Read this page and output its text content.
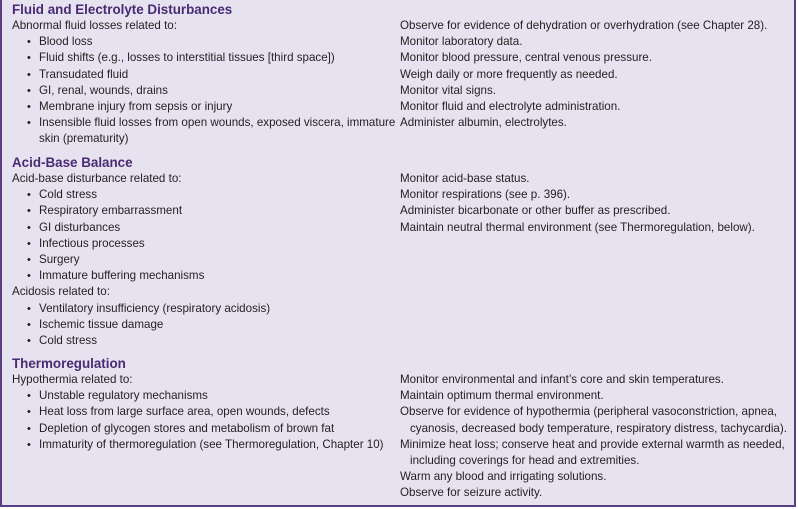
Fluid and Electrolyte Disturbances
Abnormal fluid losses related to:
• Blood loss
• Fluid shifts (e.g., losses to interstitial tissues [third space])
• Transudated fluid
• GI, renal, wounds, drains
• Membrane injury from sepsis or injury
• Insensible fluid losses from open wounds, exposed viscera, immature
skin (prematurity)
Observe for evidence of dehydration or overhydration (see Chapter 28).
Monitor laboratory data.
Monitor blood pressure, central venous pressure.
Weigh daily or more frequently as needed.
Monitor vital signs.
Monitor fluid and electrolyte administration.
Administer albumin, electrolytes.
Acid-Base Balance
Acid-base disturbance related to:
• Cold stress
• Respiratory embarrassment
• GI disturbances
• Infectious processes
• Surgery
• Immature buffering mechanisms
Acidosis related to:
• Ventilatory insufficiency (respiratory acidosis)
• Ischemic tissue damage
• Cold stress
Monitor acid-base status.
Monitor respirations (see p. 396).
Administer bicarbonate or other buffer as prescribed.
Maintain neutral thermal environment (see Thermoregulation, below).
Thermoregulation
Hypothermia related to:
• Unstable regulatory mechanisms
• Heat loss from large surface area, open wounds, defects
• Depletion of glycogen stores and metabolism of brown fat
• Immaturity of thermoregulation (see Thermoregulation, Chapter 10)
Monitor environmental and infant’s core and skin temperatures.
Maintain optimum thermal environment.
Observe for evidence of hypothermia (peripheral vasoconstriction, apnea,
cyanosis, decreased body temperature, respiratory distress, tachycardia).
Minimize heat loss; conserve heat and provide external warmth as needed,
including coverings for head and extremities.
Warm any blood and irrigating solutions.
Observe for seizure activity.
